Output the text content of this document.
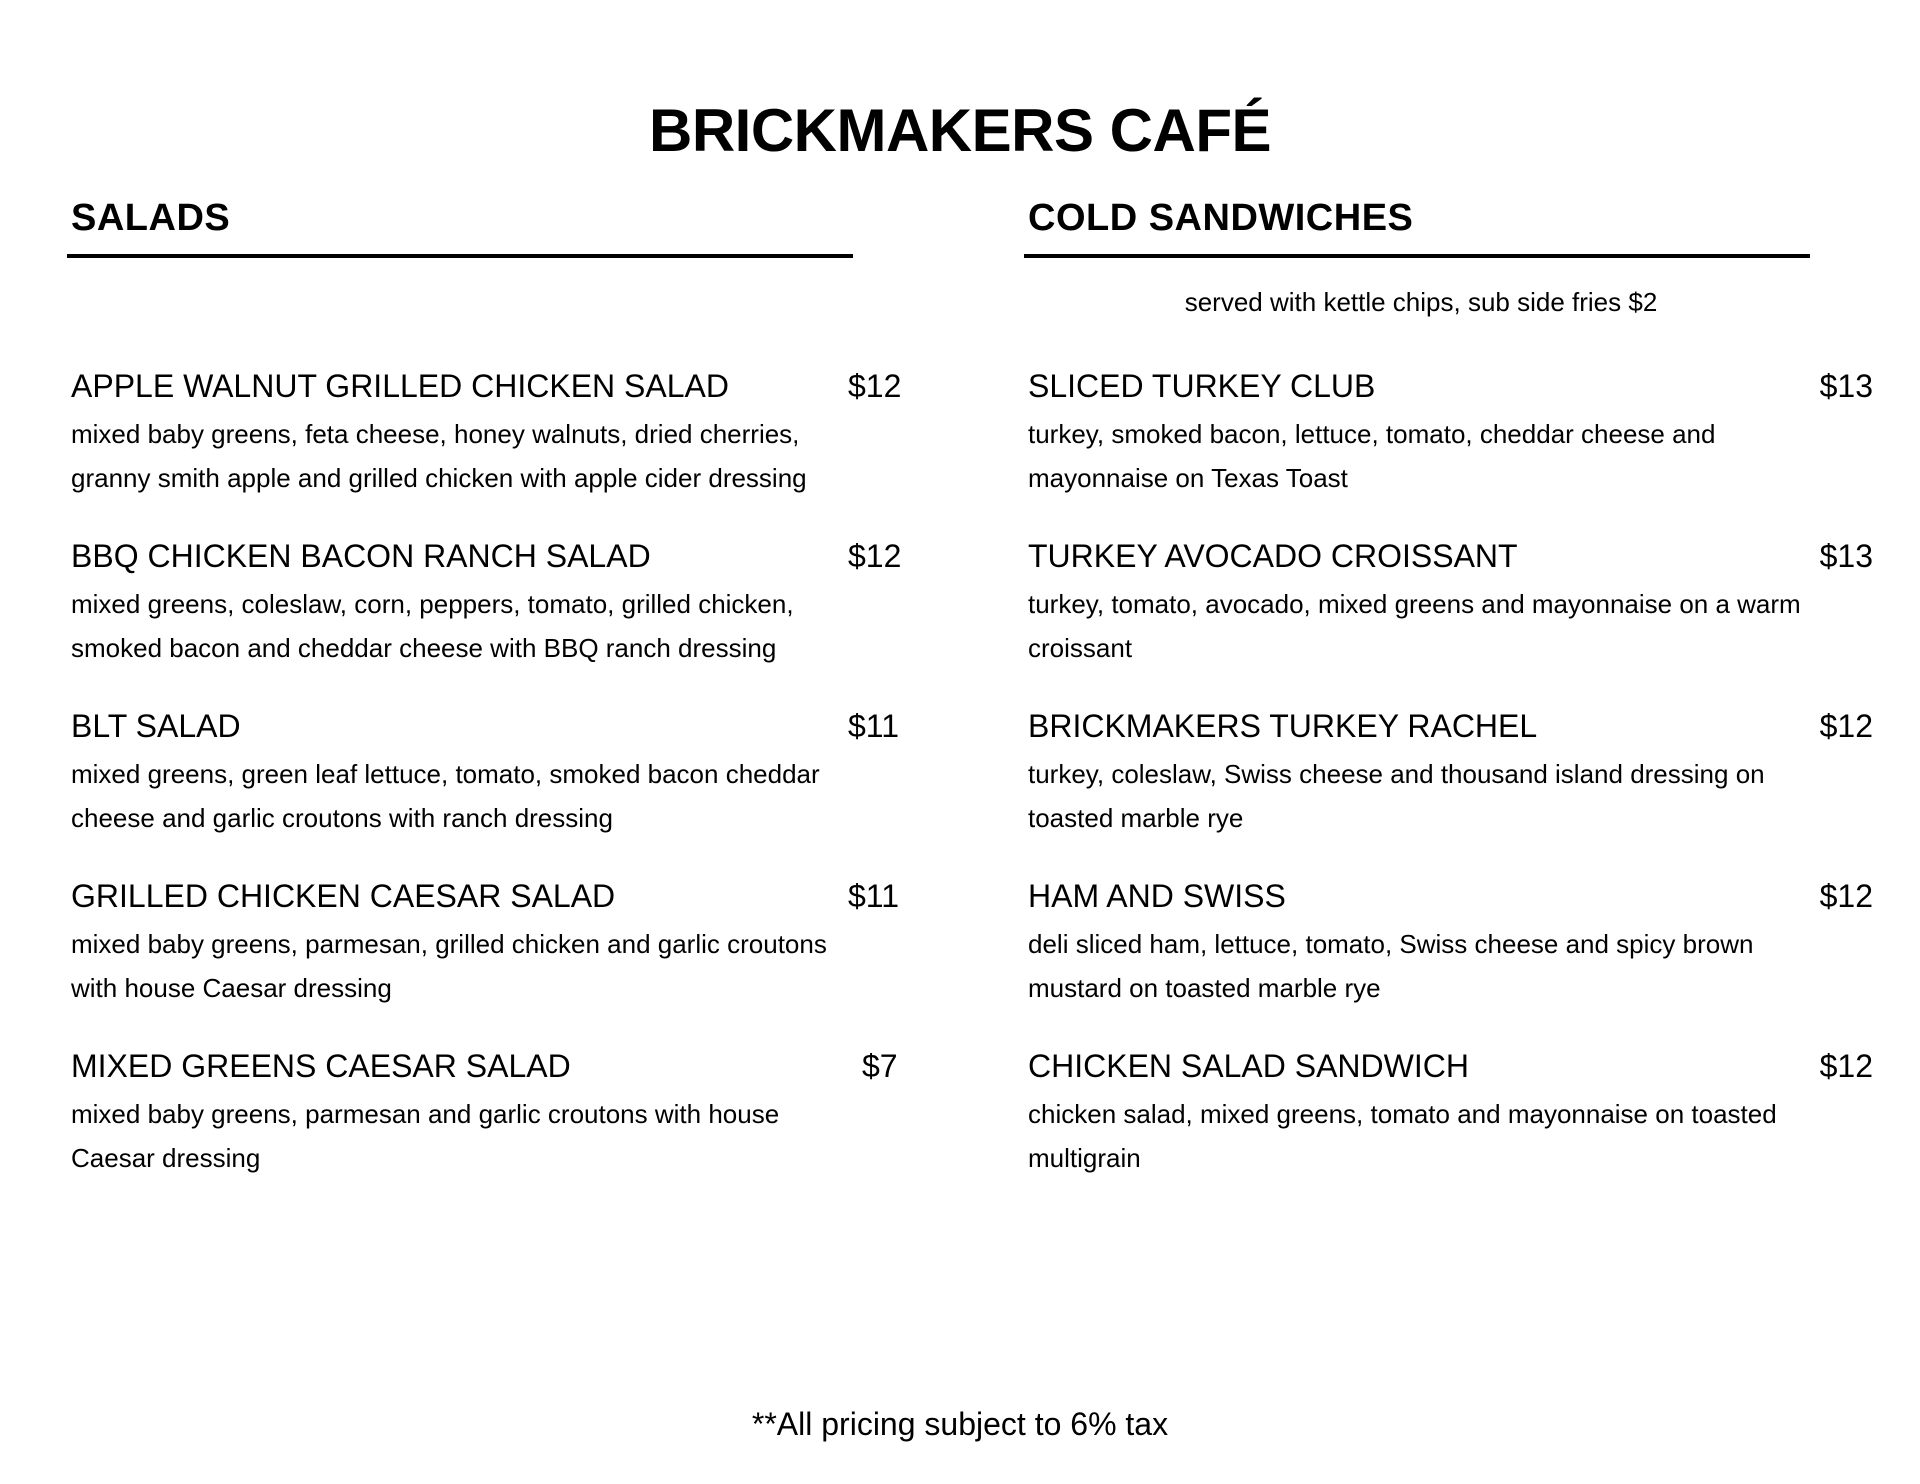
BRICKMAKERS CAFÉ
SALADS
APPLE WALNUT GRILLED CHICKEN SALAD	$12
mixed baby greens, feta cheese, honey walnuts, dried cherries,
granny smith apple and grilled chicken with apple cider dressing
BBQ CHICKEN BACON RANCH SALAD	$12
mixed greens, coleslaw, corn, peppers, tomato, grilled chicken,
smoked bacon and cheddar cheese with BBQ ranch dressing
BLT SALAD	$11
mixed greens, green leaf lettuce, tomato, smoked bacon cheddar
cheese and garlic croutons with ranch dressing
GRILLED CHICKEN CAESAR SALAD	$11
mixed baby greens, parmesan, grilled chicken and garlic croutons
with house Caesar dressing
MIXED GREENS CAESAR SALAD	$7
mixed baby greens, parmesan and garlic croutons with house
Caesar dressing
COLD SANDWICHES
served with kettle chips, sub side fries $2
SLICED TURKEY CLUB	$13
turkey, smoked bacon, lettuce, tomato, cheddar cheese and
mayonnaise on Texas Toast
TURKEY AVOCADO CROISSANT	$13
turkey, tomato, avocado, mixed greens and mayonnaise on a warm
croissant
BRICKMAKERS TURKEY RACHEL	$12
turkey, coleslaw, Swiss cheese and thousand island dressing on
toasted marble rye
HAM AND SWISS	$12
deli sliced ham, lettuce, tomato, Swiss cheese and spicy brown
mustard on toasted marble rye
CHICKEN SALAD SANDWICH	$12
chicken salad, mixed greens, tomato and mayonnaise on toasted
multigrain
**All pricing subject to 6% tax
